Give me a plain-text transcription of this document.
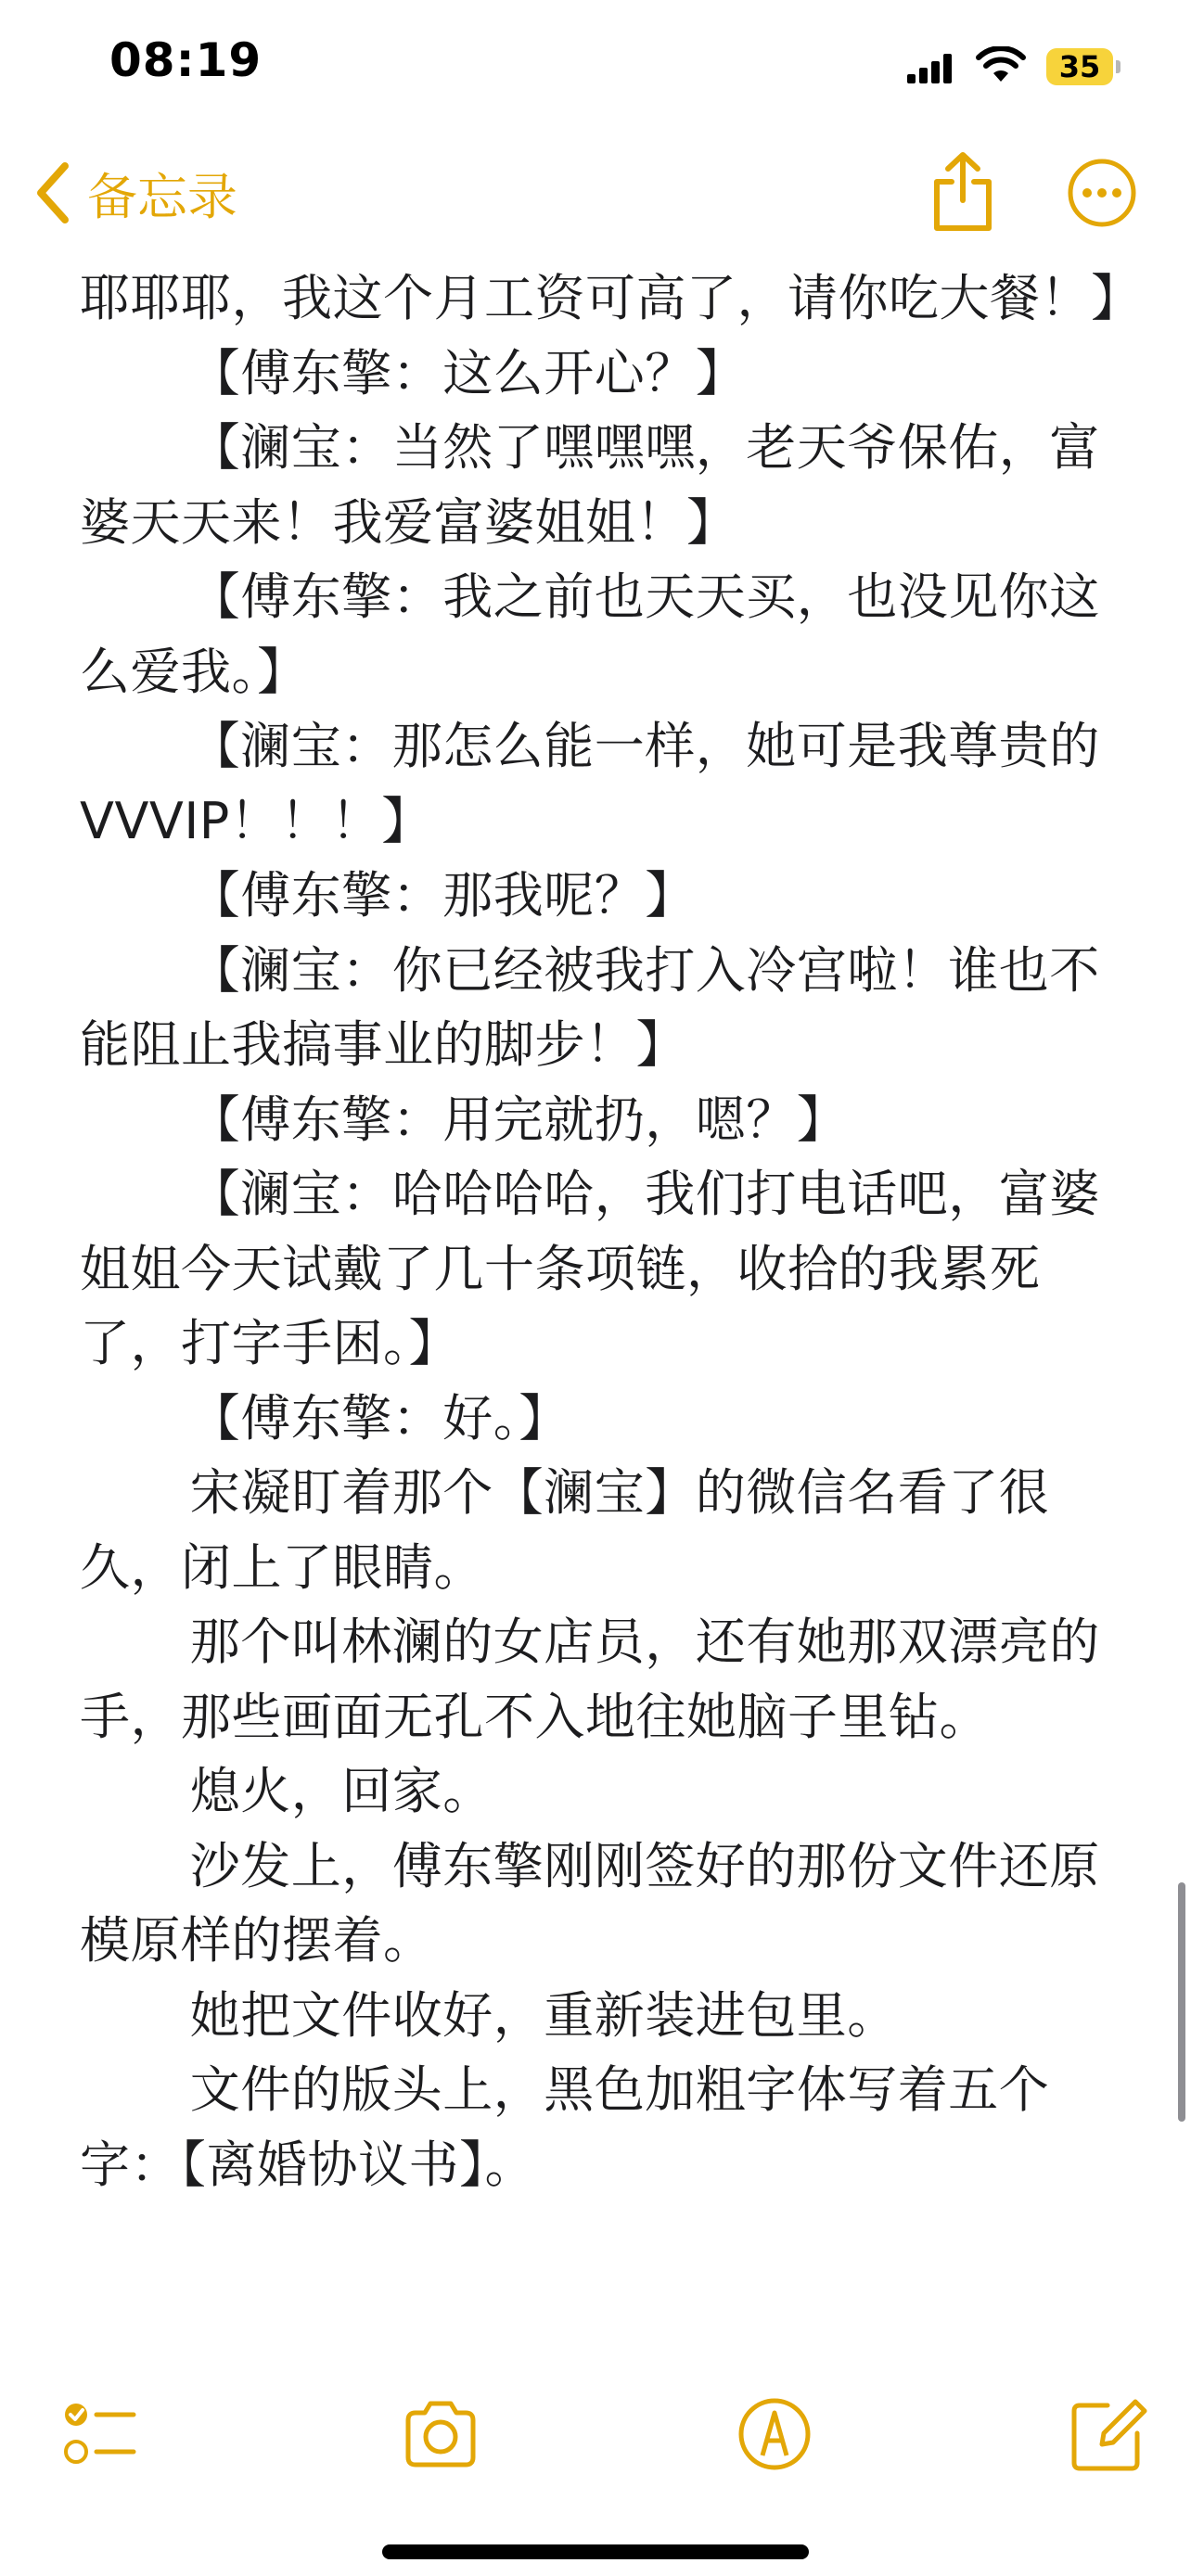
08:19	35
备忘录

耶耶耶，我这个月工资可高了，请你吃大餐！】

【傅东擎：这么开心？】

【澜宝：当然了嘿嘿嘿，老天爷保佑，富婆天天来！我爱富婆姐姐！】

【傅东擎：我之前也天天买，也没见你这么爱我。】

【澜宝：那怎么能一样，她可是我尊贵的VVVIP！！！】

【傅东擎：那我呢？】

【澜宝：你已经被我打入冷宫啦！谁也不能阻止我搞事业的脚步！】

【傅东擎：用完就扔，嗯？】

【澜宝：哈哈哈哈，我们打电话吧，富婆姐姐今天试戴了几十条项链，收拾的我累死了，打字手困。】

【傅东擎：好。】

宋凝盯着那个【澜宝】的微信名看了很久，闭上了眼睛。

那个叫林澜的女店员，还有她那双漂亮的手，那些画面无孔不入地往她脑子里钻。

熄火，回家。

沙发上，傅东擎刚刚签好的那份文件还原模原样的摆着。

她把文件收好，重新装进包里。

文件的版头上，黑色加粗字体写着五个字：【离婚协议书】。
